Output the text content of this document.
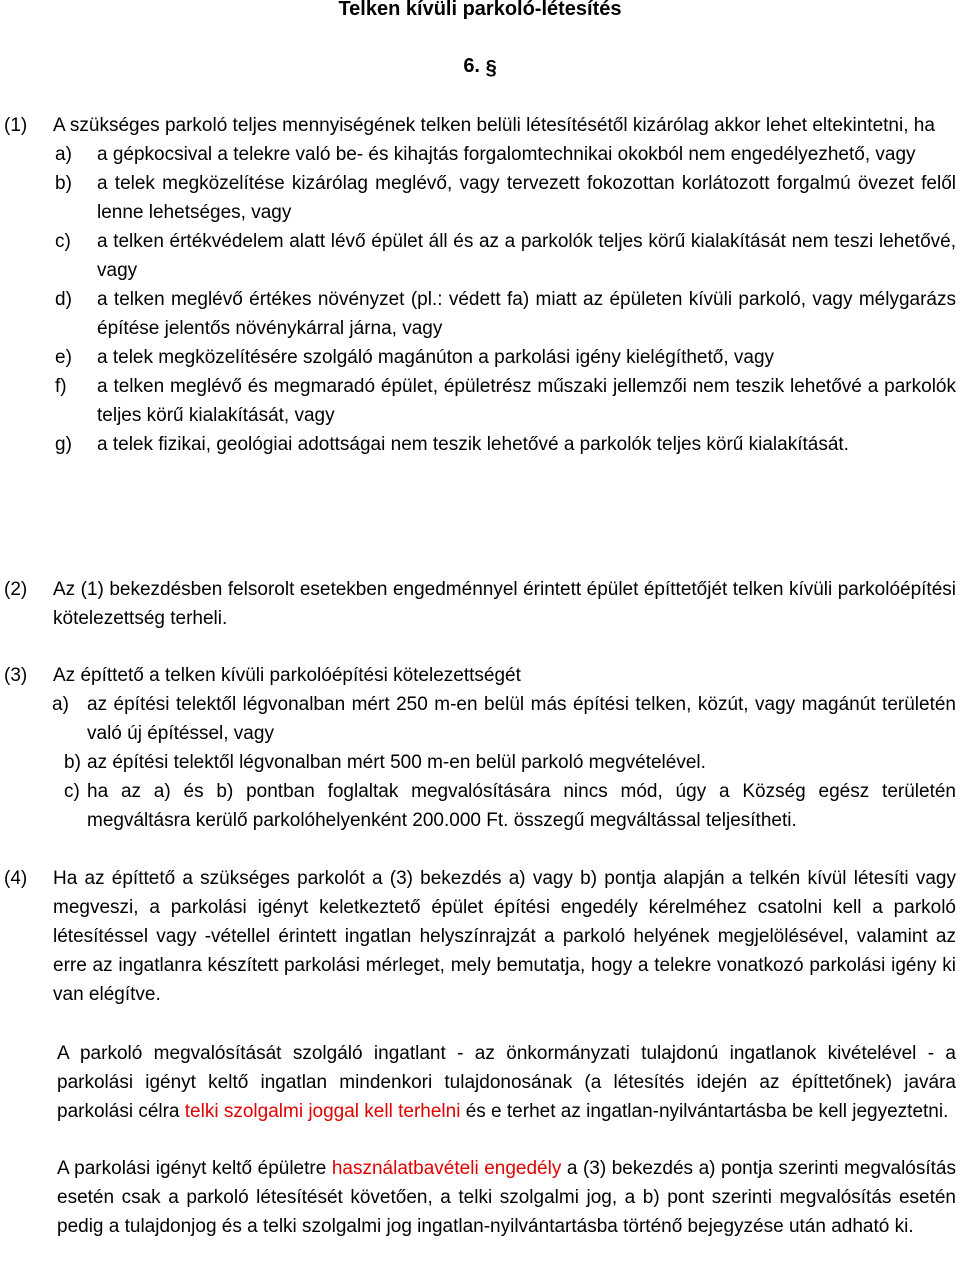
Telken kívüli parkoló-létesítés
6. §
(1) A szükséges parkoló teljes mennyiségének telken belüli létesítésétől kizárólag akkor lehet eltekintetni, ha
a) a gépkocsival a telekre való be- és kihajtás forgalomtechnikai okokból nem engedélyezhető, vagy
b) a telek megközelítése kizárólag meglévő, vagy tervezett fokozottan korlátozott forgalmú övezet felől lenne lehetséges, vagy
c) a telken értékvédelem alatt lévő épület áll és az a parkolók teljes körű kialakítását nem teszi lehetővé, vagy
d) a telken meglévő értékes növényzet (pl.: védett fa) miatt az épületen kívüli parkoló, vagy mélygarázs építése jelentős növénykárral járna, vagy
e) a telek megközelítésére szolgáló magánúton a parkolási igény kielégíthető, vagy
f) a telken meglévő és megmaradó épület, épületrész műszaki jellemzői nem teszik lehetővé a parkolók teljes körű kialakítását, vagy
g) a telek fizikai, geológiai adottságai nem teszik lehetővé a parkolók teljes körű kialakítását.
(2) Az (1) bekezdésben felsorolt esetekben engedménnyel érintett épület építtetőjét telken kívüli parkolóépítési kötelezettség terheli.
(3) Az építtető a telken kívüli parkolóépítési kötelezettségét
a) az építési telektől légvonalban mért 250 m-en belül más építési telken, közút, vagy magánút területén való új építéssel, vagy
b) az építési telektől légvonalban mért 500 m-en belül parkoló megvételével.
c) ha az a) és b) pontban foglaltak megvalósítására nincs mód, úgy a Község egész területén megváltásra kerülő parkolóhelyenként 200.000 Ft. összegű megváltással teljesítheti.
(4) Ha az építtető a szükséges parkolót a (3) bekezdés a) vagy b) pontja alapján a telkén kívül létesíti vagy megveszi, a parkolási igényt keletkeztető épület építési engedély kérelméhez csatolni kell a parkoló létesítéssel vagy -vétellel érintett ingatlan helyszínrajzát a parkoló helyének megjelölésével, valamint az erre az ingatlanra készített parkolási mérleget, mely bemutatja, hogy a telekre vonatkozó parkolási igény ki van elégítve.
A parkoló megvalósítását szolgáló ingatlant - az önkormányzati tulajdonú ingatlanok kivételével - a parkolási igényt keltő ingatlan mindenkori tulajdonosának (a létesítés idején az építtetőnek) javára parkolási célra telki szolgalmi joggal kell terhelni és e terhet az ingatlan-nyilvántartásba be kell jegyeztetni.
A parkolási igényt keltő épületre használatbavételi engedély a (3) bekezdés a) pontja szerinti megvalósítás esetén csak a parkoló létesítését követően, a telki szolgalmi jog, a b) pont szerinti megvalósítás esetén pedig a tulajdonjog és a telki szolgalmi jog ingatlan-nyilvántartásba történő bejegyzése után adható ki.
